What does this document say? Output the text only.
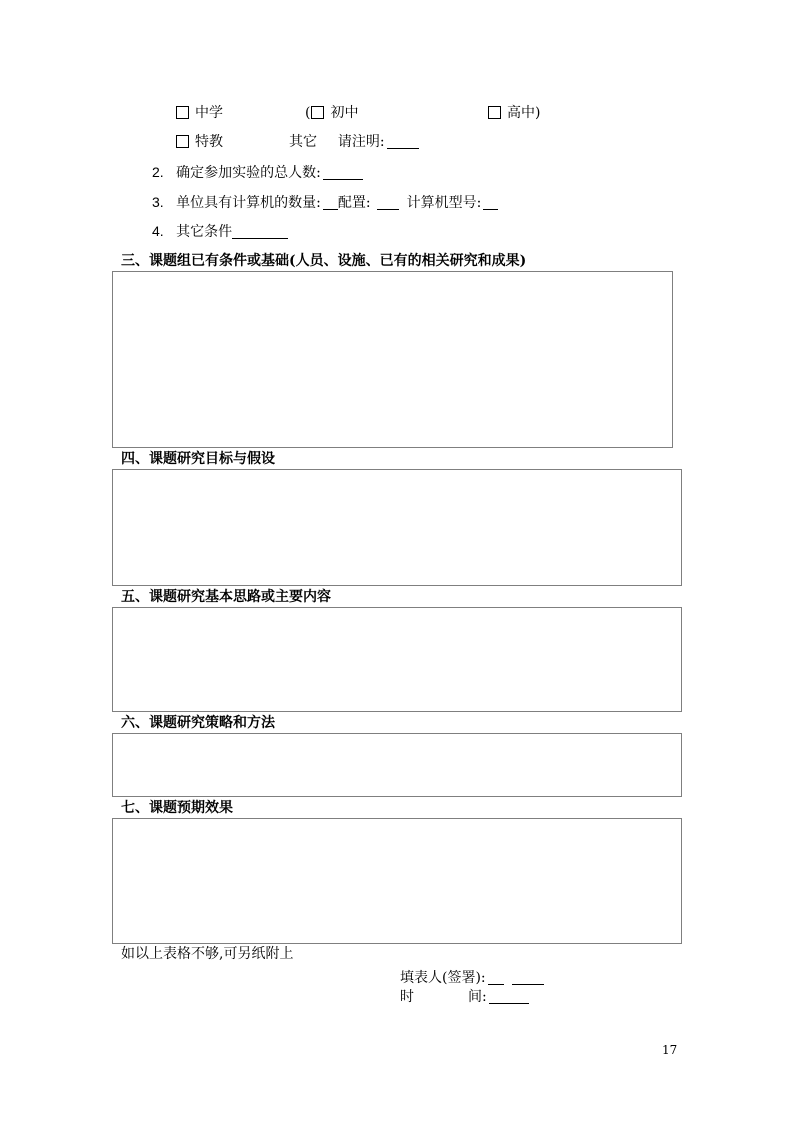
中学	( 初中	高中)
特教	其它 请注明:
2. 确定参加实验的总人数:
3. 单位具有计算机的数量: 配置:	计算机型号:
4. 其它条件
三、课题组已有条件或基础(人员、设施、已有的相关研究和成果)
四、课题研究目标与假设
五、课题研究基本思路或主要内容
六、课题研究策略和方法
七、课题预期效果
如以上表格不够,可另纸附上
填表人(签署):
时	间:
17
